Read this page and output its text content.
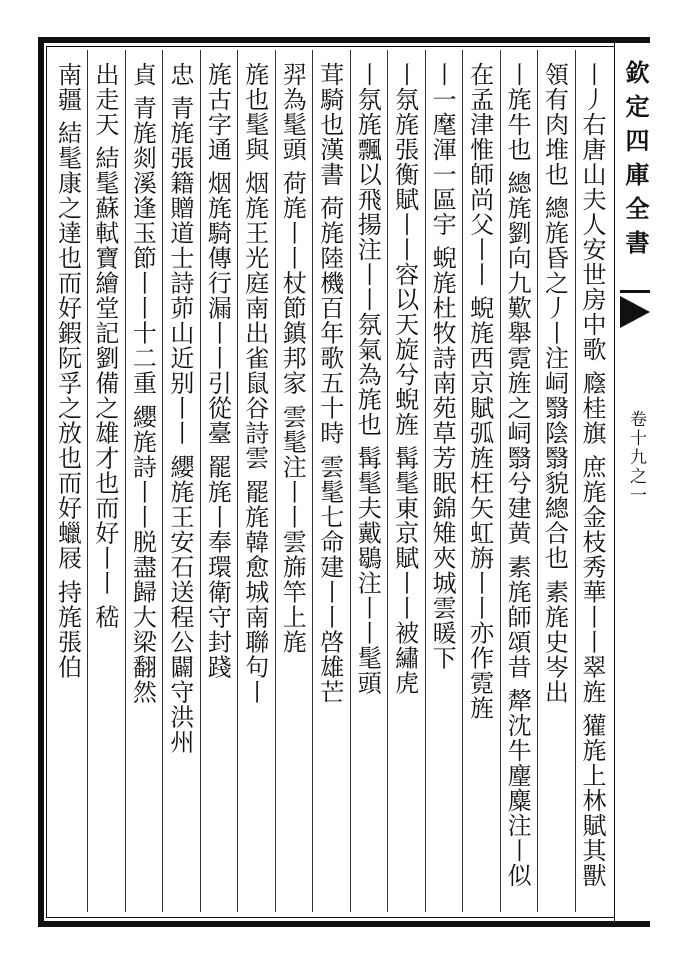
欽定四庫全書
卷十九之一
丨丿右唐山夫人安世房中歌 廕桂旗 庶旄金枝秀華丨丨翠旌 獾旄上林賦其獸
領有肉堆也 總旄昏之丿丨注㟃翳陰翳貌總合也 素旄史岑出
丨旄牛也 總旄劉向九歎舉霓旌之㟃翳兮建黄 素旄師頌昔 犛沈牛麈麋注丨似
在孟津惟師尚父丨丨 蜺旄西京賦弧旌枉矢虹旃丨丨亦作霓旌
丨一麾渾一區宇 蜺旄杜牧詩南苑草芳眠錦雉夾城雲暖下
丨氛旄張衡賦丨丨容以天旋兮蜺旌 髯髦東京賦丨丨被繡虎
丨氛旄飄以飛揚注丨丨氛氣為旄也 髯髦夫戴鶡注丨丨髦頭
茸騎也漢書 荷旄陸機百年歌五十時 雲髦七命建丨丨啓雄芒
羿為髦頭 荷旄丨丨杖節鎮邦家 雲髦注丨丨雲旆竿上旄
旄也髦與 烟旄王光庭南出雀鼠谷詩雲 罷旄韓愈城南聯句丨
旄古字通 烟旄騎傳行漏丨丨引從臺 罷旄丨奉環衛守封踐
忠 青旄張籍贈道士詩茆山近别丨丨 纓旄王安石送程公闢守洪州
貞 青旄剡溪逢玉節丨丨十二重 纓旄詩丨丨脱盡歸大梁翻然
出走天 結髦蘇軾寶繪堂記劉備之雄才也而好丨丨 嵇
南疆 結髦康之達也而好鍜阮孚之放也而好蠟屐 持旄張伯
